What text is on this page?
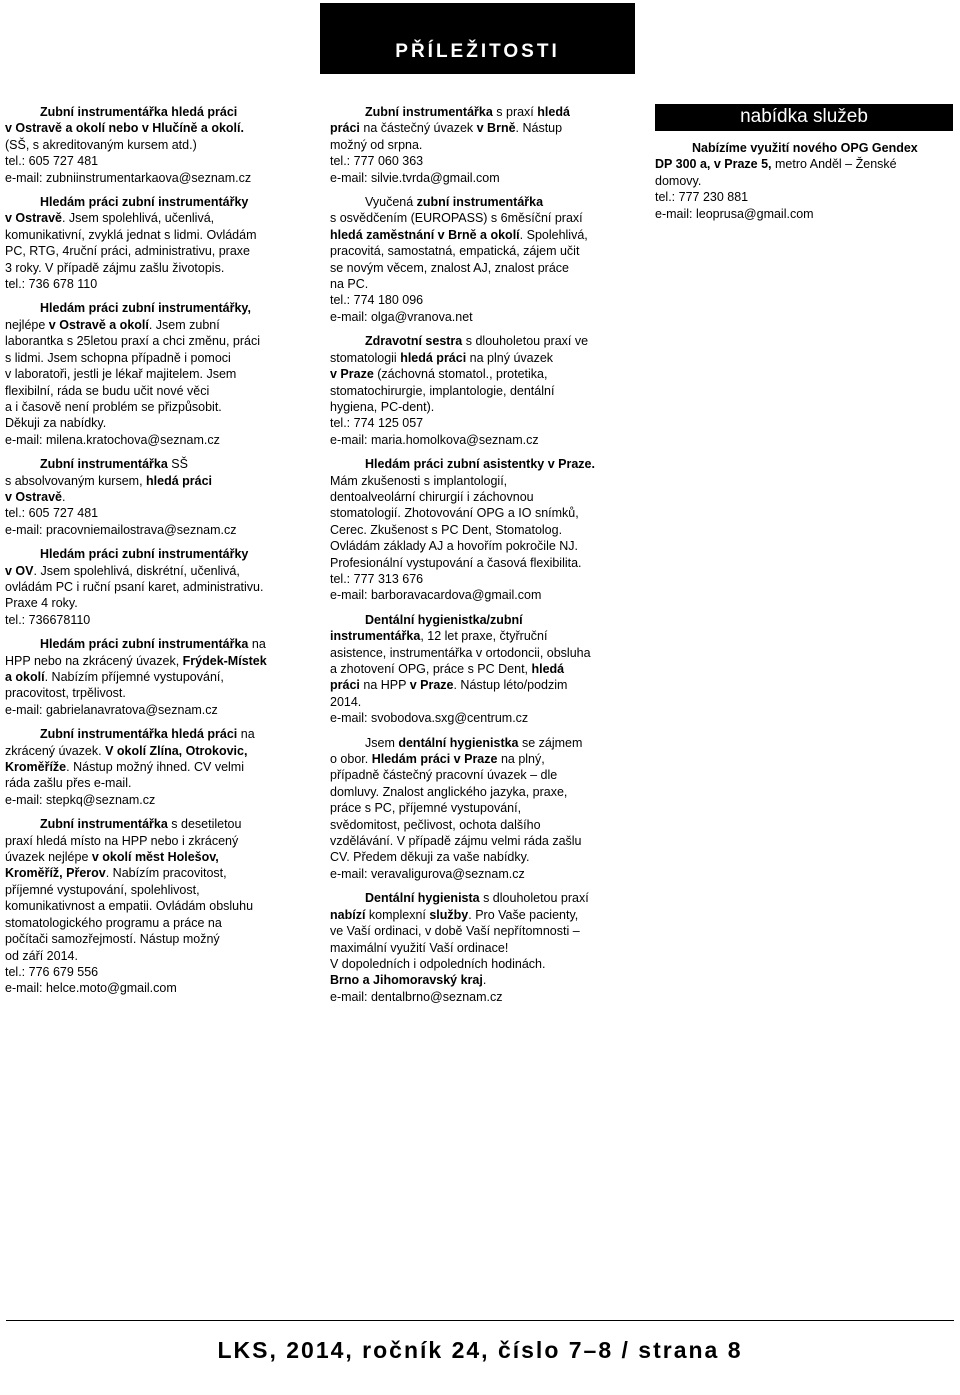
PŘÍLEŽITOSTI
Zubní instrumentářka hledá práci
v Ostravě a okolí nebo v Hlučíně a okolí.
(SŠ, s akreditovaným kursem atd.)
tel.: 605 727 481
e-mail: zubniinstrumentarkaova@seznam.cz
Hledám práci zubní instrumentářky
v Ostravě. Jsem spolehlivá, učenlivá,
komunikativní, zvyklá jednat s lidmi. Ovládám
PC, RTG, 4ruční práci, administrativu, praxe
3 roky. V případě zájmu zašlu životopis.
tel.: 736 678 110
Hledám práci zubní instrumentářky,
nejlépe v Ostravě a okolí. Jsem zubní
laborantka s 25letou praxí a chci změnu, práci
s lidmi. Jsem schopna případně i pomoci
v laboratoři, jestli je lékař majitelem. Jsem
flexibilní, ráda se budu učit nové věci
a i časově není problém se přizpůsobit.
Děkuji za nabídky.
e-mail: milena.kratochova@seznam.cz
Zubní instrumentářka SŠ
s absolvovaným kursem, hledá práci
v Ostravě.
tel.: 605 727 481
e-mail: pracovniemailostrava@seznam.cz
Hledám práci zubní instrumentářky
v OV. Jsem spolehlivá, diskrétní, učenlivá,
ovládám PC i ruční psaní karet, administrativu.
Praxe 4 roky.
tel.: 736678110
Hledám práci zubní instrumentářka na
HPP nebo na zkrácený úvazek, Frýdek-Místek
a okolí. Nabízím příjemné vystupování,
pracovitost, trpělivost.
e-mail: gabrielanavratova@seznam.cz
Zubní instrumentářka hledá práci na
zkrácený úvazek. V okolí Zlína, Otrokovic,
Kroměříže. Nástup možný ihned. CV velmi
ráda zašlu přes e-mail.
e-mail: stepkq@seznam.cz
Zubní instrumentářka s desetiletou
praxí hledá místo na HPP nebo i zkrácený
úvazek nejlépe v okolí měst Holešov,
Kroměříž, Přerov. Nabízím pracovitost,
příjemné vystupování, spolehlivost,
komunikativnost a empatii. Ovládám obsluhu
stomatologického programu a práce na
počítači samozřejmostí. Nástup možný
od září 2014.
tel.: 776 679 556
e-mail: helce.moto@gmail.com
Zubní instrumentářka s praxí hledá
práci na částečný úvazek v Brně. Nástup
možný od srpna.
tel.: 777 060 363
e-mail: silvie.tvrda@gmail.com
Vyučená zubní instrumentářka
s osvědčením (EUROPASS) s 6měsíční praxí
hledá zaměstnání v Brně a okolí. Spolehlivá,
pracovitá, samostatná, empatická, zájem učit
se novým věcem, znalost AJ, znalost práce
na PC.
tel.: 774 180 096
e-mail: olga@vranova.net
Zdravotní sestra s dlouholetou praxí ve
stomatologii hledá práci na plný úvazek
v Praze (záchovná stomatol., protetika,
stomatochirurgie, implantologie, dentální
hygiena, PC-dent).
tel.: 774 125 057
e-mail: maria.homolkova@seznam.cz
Hledám práci zubní asistentky v Praze.
Mám zkušenosti s implantologií,
dentoalveolární chirurgií i záchovnou
stomatologií. Zhotovování OPG a IO snímků,
Cerec. Zkušenost s PC Dent, Stomatolog.
Ovládám základy AJ a hovořím pokročile NJ.
Profesionální vystupování a časová flexibilita.
tel.: 777 313 676
e-mail: barboravacardova@gmail.com
Dentální hygienistka/zubní
instrumentářka, 12 let praxe, čtyřruční
asistence, instrumentářka v ortodoncii, obsluha
a zhotovení OPG, práce s PC Dent, hledá
práci na HPP v Praze. Nástup léto/podzim
2014.
e-mail: svobodova.sxg@centrum.cz
Jsem dentální hygienistka se zájmem
o obor. Hledám práci v Praze na plný,
případně částečný pracovní úvazek – dle
domluvy. Znalost anglického jazyka, praxe,
práce s PC, příjemné vystupování,
svědomitost, pečlivost, ochota dalšího
vzdělávání. V případě zájmu velmi ráda zašlu
CV. Předem děkuji za vaše nabídky.
e-mail: veravaligurova@seznam.cz
Dentální hygienista s dlouholetou praxí
nabízí komplexní služby. Pro Vaše pacienty,
ve Vaší ordinaci, v době Vaší nepřítomnosti –
maximální využití Vaší ordinace!
V dopoledních i odpoledních hodinách.
Brno a Jihomoravský kraj.
e-mail: dentalbrno@seznam.cz
nabídka služeb
Nabízíme využití nového OPG Gendex
DP 300 a, v Praze 5, metro Anděl – Ženské
domovy.
tel.: 777 230 881
e-mail: leoprusa@gmail.com
LKS, 2014, ročník 24, číslo 7–8 / strana 8
